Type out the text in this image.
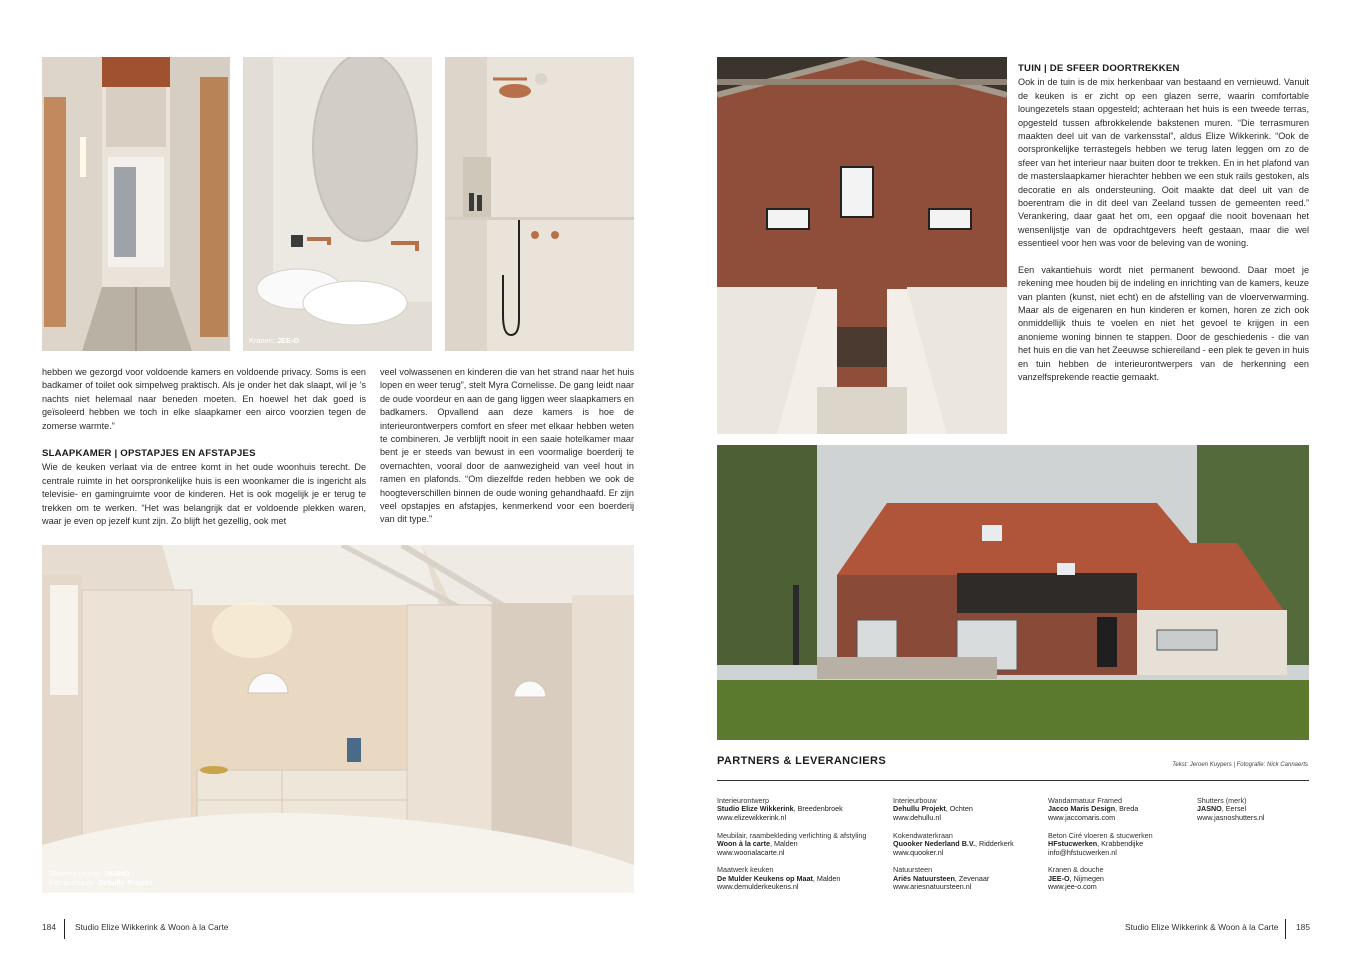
Kranen: JEE-O

hebben we gezorgd voor voldoende kamers en voldoende privacy. Soms is een badkamer of toilet ook simpelweg praktisch. Als je onder het dak slaapt, wil je ’s nachts niet helemaal naar beneden moeten. En hoewel het dak goed is geïsoleerd hebben we toch in elke slaapkamer een airco voorzien tegen de zomerse warmte.”

SLAAPKAMER | OPSTAPJES EN AFSTAPJES

Wie de keuken verlaat via de entree komt in het oude woonhuis terecht. De centrale ruimte in het oorspronkelijke huis is een woonkamer die is ingericht als televisie- en gamingruimte voor de kinderen. Het is ook mogelijk je er terug te trekken om te werken. “Het was belangrijk dat er voldoende plekken waren, waar je even op jezelf kunt zijn. Zo blijft het gezellig, ook met

veel volwassenen en kinderen die van het strand naar het huis lopen en weer terug”, stelt Myra Cornelisse. De gang leidt naar de oude voordeur en aan de gang liggen weer slaapkamers en badkamers. Opvallend aan deze kamers is hoe de interieurontwerpers comfort en sfeer met elkaar hebben weten te combineren. Je verblijft nooit in een saaie hotelkamer maar bent je er steeds van bewust in een voormalige boerderij te overnachten, vooral door de aanwezigheid van veel hout in ramen en plafonds. “Om diezelfde reden hebben we ook de hoogteverschillen binnen de oude woning gehandhaafd. Er zijn veel opstapjes en afstapjes, kenmerkend voor een boerderij van dit type.”

Shutters (merk): JASNO
Interieurbouw: Dehullu Projekt
184 Studio Elize Wikkerink & Woon à la Carte
TUIN | DE SFEER DOORTREKKEN

Ook in de tuin is de mix herkenbaar van bestaand en vernieuwd. Vanuit de keuken is er zicht op een glazen serre, waarin comfortable loungezetels staan opgesteld; achteraan het huis is een tweede terras, opgesteld tussen afbrokkelende bakstenen muren. “Die terrasmuren maakten deel uit van de varkensstal”, aldus Elize Wikkerink. “Ook de oorspronkelijke terrastegels hebben we terug laten leggen om zo de sfeer van het interieur naar buiten door te trekken. En in het plafond van de masterslaapkamer hierachter hebben we een stuk rails gestoken, als decoratie en als ondersteuning. Ooit maakte dat deel uit van de boerentram die in dit deel van Zeeland tussen de gemeenten reed.” Verankering, daar gaat het om, een opgaaf die nooit bovenaan het wensenlijstje van de opdrachtgevers heeft gestaan, maar die wel essentieel voor hen was voor de beleving van de woning.

Een vakantiehuis wordt niet permanent bewoond. Daar moet je rekening mee houden bij de indeling en inrichting van de kamers, keuze van planten (kunst, niet echt) en de afstelling van de vloerverwarming. Maar als de eigenaren en hun kinderen er komen, horen ze zich ook onmiddellijk thuis te voelen en niet het gevoel te krijgen in een anonieme woning binnen te stappen. Door de geschiedenis - die van het huis en die van het Zeeuwse schiereiland - een plek te geven in huis en tuin hebben de interieurontwerpers van de herkenning een vanzelfsprekende reactie gemaakt.

PARTNERS & LEVERANCIERS	Tekst: Jeroen Kuypers | Fotografie: Nick Cannaerts
Interieurontwerp
Studio Elize Wikkerink, Breedenbroek
www.elizewikkerink.nl
Meubilair, raambekleding verlichting & afstyling
Woon à la carte, Malden
www.woonalacarte.nl
Maatwerk keuken
De Mulder Keukens op Maat, Malden
www.demulderkeukens.nl
Interieurbouw
Dehullu Projekt, Ochten
www.dehullu.nl
Kokendwaterkraan
Quooker Nederland B.V., Ridderkerk
www.quooker.nl
Natuursteen
Ariës Natuursteen, Zevenaar
www.ariesnatuursteen.nl
Wandarmatuur Framed
Jacco Maris Design, Breda
www.jaccomaris.com
Beton Ciré vloeren & stucwerken
HFstucwerken, Krabbendijke
info@hfstucwerken.nl
Kranen & douche
JEE-O, Nijmegen
www.jee-o.com
Shutters (merk)
JASNO, Eersel
www.jasnoshutters.nl
Studio Elize Wikkerink & Woon à la Carte 185
